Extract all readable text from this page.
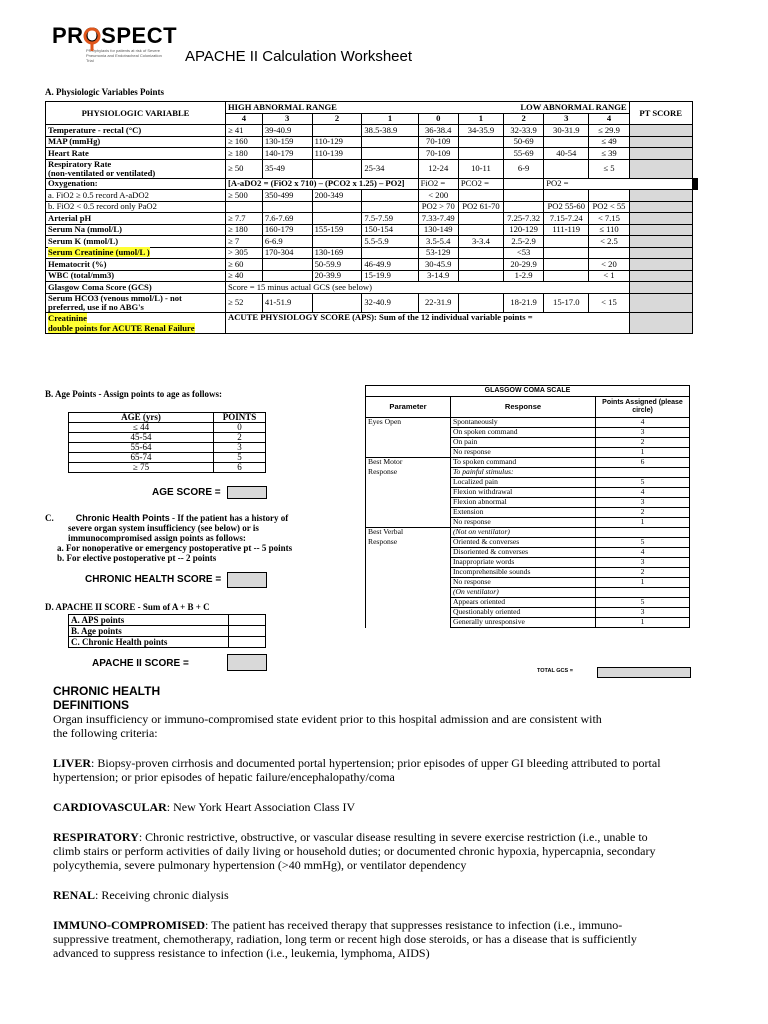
PROSPECT
PROphylaxis for patients at risk of Severe Pneumonia and Endotracheal Colonization Trial	APACHE II Calculation Worksheet
A. Physiologic Variables Points
PHYSIOLOGIC VARIABLE	HIGH ABNORMAL RANGE				LOW ABNORMAL RANGE					PT SCORE	
	4	3	2	1	0	1	2	3	4		
Temperature - rectal (°C)	≥ 41	39-40.9		38.5-38.9	36-38.4	34-35.9	32-33.9	30-31.9	≤ 29.9		
MAP (mmHg)	≥ 160	130-159	110-129		70-109		50-69		≤ 49		
Heart Rate	≥ 180	140-179	110-139		70-109		55-69	40-54	≤ 39		
Respiratory Rate
(non-ventilated or ventilated)	≥ 50	35-49		25-34	12-24	10-11	6-9		≤ 5		
Oxygenation:	[A-aDO2 = (FiO2 x 710) – (PCO2 x 1.25) – PO2]				FiO2 =	PCO2 =		PO2 =			
a. FiO2 ≥ 0.5 record A-aDO2	≥ 500	350-499	200-349		< 200						
b. FiO2 < 0.5 record only PaO2					PO2 > 70	PO2 61-70		PO2 55-60	PO2 < 55		
Arterial pH	≥ 7.7	7.6-7.69		7.5-7.59	7.33-7.49		7.25-7.32	7.15-7.24	< 7.15		
Serum Na (mmol/L)	≥ 180	160-179	155-159	150-154	130-149		120-129	111-119	≤ 110		
Serum K (mmol/L)	≥ 7	6-6.9		5.5-5.9	3.5-5.4	3-3.4	2.5-2.9		< 2.5		
Serum Creatinine (umol/L )	> 305	170-304	130-169		53-129		<53				
Hematocrit (%)	≥ 60		50-59.9	46-49.9	30-45.9		20-29.9		< 20		
WBC (total/mm3)	≥ 40		20-39.9	15-19.9	3-14.9		1-2.9		< 1		
Glasgow Coma Score (GCS)	Score = 15 minus actual GCS (see below)										
Serum HCO3 (venous mmol/L) - not
preferred, use if no ABG's	≥ 52	41-51.9		32-40.9	22-31.9		18-21.9	15-17.0	< 15		
Creatinine
double points for ACUTE Renal Failure	ACUTE PHYSIOLOGY SCORE (APS): Sum of the 12 individual variable points =										
B. Age Points - Assign points to age as follows:
AGE (yrs)	POINTS
≤ 44	0
45-54	2
55-64	3
65-74	5
≥ 75	6
AGE SCORE =
C. Chronic Health Points - If the patient has a history of
severe organ system insufficiency (see below) or is
immunocompromised assign points as follows:
a. For nonoperative or emergency postoperative pt -- 5 points
b. For elective postoperative pt -- 2 points
CHRONIC HEALTH SCORE =
D. APACHE II SCORE - Sum of A + B + C
A. APS points	
B. Age points	
C. Chronic Health points	
APACHE II SCORE =
GLASGOW COMA SCALE		
Parameter	Response	Points Assigned (please circle)
Eyes Open	Spontaneously	4
	On spoken command	3
	On pain	2
	No response	1
Best Motor	To spoken command	6
Response	To painful stimulus:	
	Localized pain	5
	Flexion withdrawal	4
	Flexion abnormal	3
	Extension	2
	No response	1
Best Verbal	(Not on ventilator)	
Response	Oriented & converses	5
	Disoriented & converses	4
	Inappropriate words	3
	Incomprehensible sounds	2
	No response	1
	(On ventilator)	
	Appears oriented	5
	Questionably oriented	3
	Generally unresponsive	1
TOTAL GCS =
CHRONIC HEALTH
DEFINITIONS
Organ insufficiency or immuno-compromised state evident prior to this hospital admission and are consistent with
the following criteria:
LIVER: Biopsy-proven cirrhosis and documented portal hypertension; prior episodes of upper GI bleeding attributed to portal
hypertension; or prior episodes of hepatic failure/encephalopathy/coma
CARDIOVASCULAR: New York Heart Association Class IV
RESPIRATORY: Chronic restrictive, obstructive, or vascular disease resulting in severe exercise restriction (i.e., unable to
climb stairs or perform activities of daily living or household duties; or documented chronic hypoxia, hypercapnia, secondary
polycythemia, severe pulmonary hypertension (>40 mmHg), or ventilator dependency
RENAL: Receiving chronic dialysis
IMMUNO-COMPROMISED: The patient has received therapy that suppresses resistance to infection (i.e., immuno-
suppressive treatment, chemotherapy, radiation, long term or recent high dose steroids, or has a disease that is sufficiently
advanced to suppress resistance to infection (i.e., leukemia, lymphoma, AIDS)
